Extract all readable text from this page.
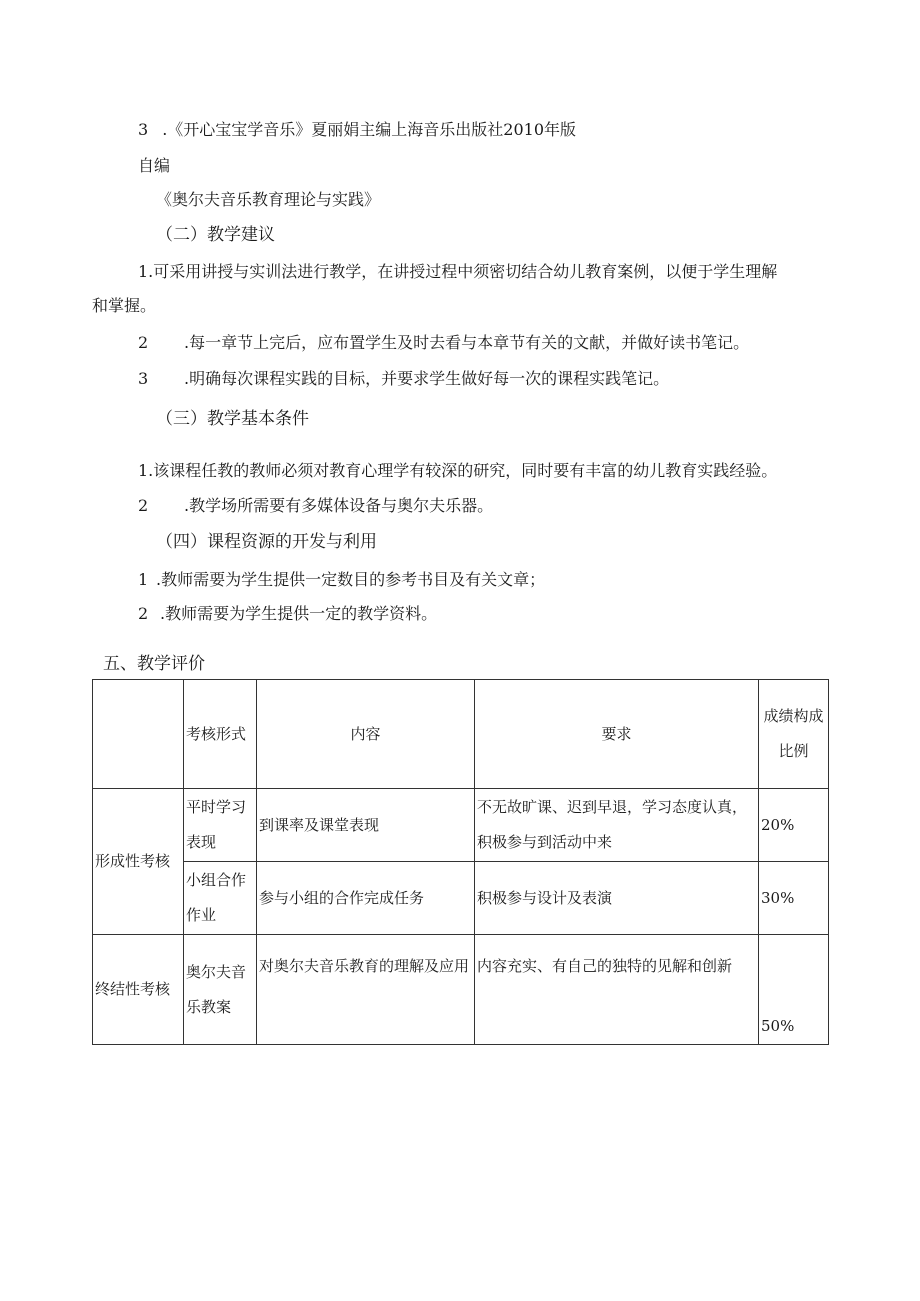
3 .《开心宝宝学音乐》夏丽娟主编上海音乐出版社2010年版
自编
《奥尔夫音乐教育理论与实践》
（二）教学建议
1.可采用讲授与实训法进行教学，在讲授过程中须密切结合幼儿教育案例，以便于学生理解
和掌握。
2 .每一章节上完后，应布置学生及时去看与本章节有关的文献，并做好读书笔记。
3 .明确每次课程实践的目标，并要求学生做好每一次的课程实践笔记。
（三）教学基本条件
1.该课程任教的教师必须对教育心理学有较深的研究，同时要有丰富的幼儿教育实践经验。
2 .教学场所需要有多媒体设备与奥尔夫乐器。
（四）课程资源的开发与利用
1 .教师需要为学生提供一定数目的参考书目及有关文章；
2 .教师需要为学生提供一定的教学资料。
五、教学评价
	考核形式	内容	要求	成绩构成比例
形成性考核	平时学习表现	到课率及课堂表现	不无故旷课、迟到早退，学习态度认真，积极参与到活动中来	20%
	小组合作作业	参与小组的合作完成任务	积极参与设计及表演	30%
终结性考核	奥尔夫音乐教案	对奥尔夫音乐教育的理解及应用	内容充实、有自己的独特的见解和创新	50%
